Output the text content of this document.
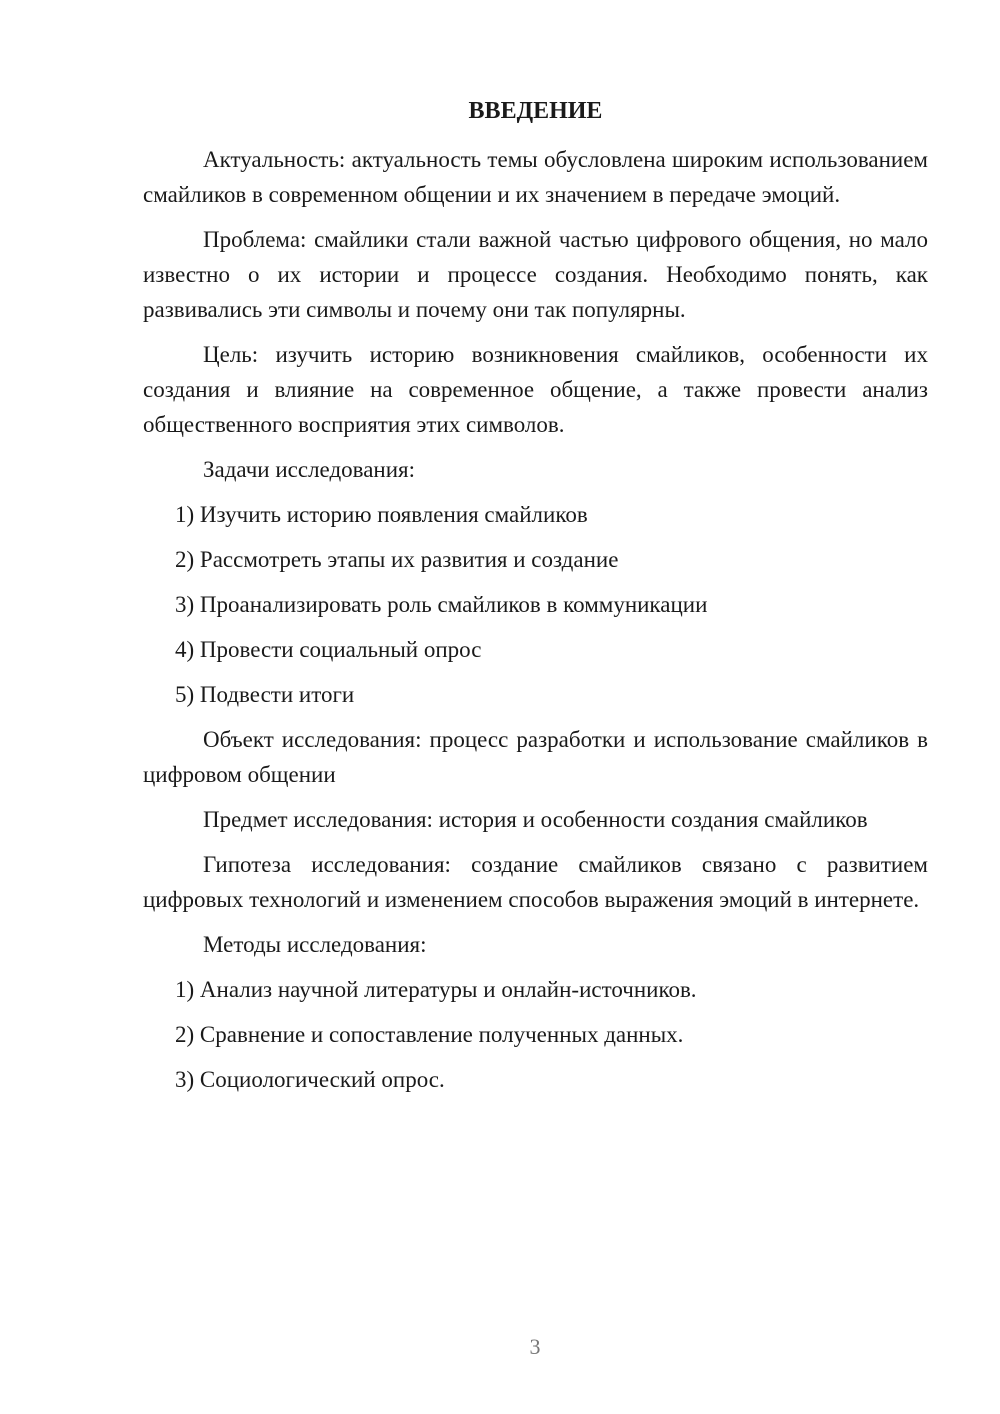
ВВЕДЕНИЕ

Актуальность: актуальность темы обусловлена широким использованием смайликов в современном общении и их значением в передаче эмоций.

Проблема: смайлики стали важной частью цифрового общения, но мало известно о их истории и процессе создания. Необходимо понять, как развивались эти символы и почему они так популярны.

Цель: изучить историю возникновения смайликов, особенности их создания и влияние на современное общение, а также провести анализ общественного восприятия этих символов.

Задачи исследования:

1) Изучить историю появления смайликов

2) Рассмотреть этапы их развития и создание

3) Проанализировать роль смайликов в коммуникации

4) Провести социальный опрос

5) Подвести итоги

Объект исследования: процесс разработки и использование смайликов в цифровом общении

Предмет исследования: история и особенности создания смайликов

Гипотеза исследования: создание смайликов связано с развитием цифровых технологий и изменением способов выражения эмоций в интернете.

Методы исследования:

1) Анализ научной литературы и онлайн-источников.

2) Сравнение и сопоставление полученных данных.

3) Социологический опрос.

3
